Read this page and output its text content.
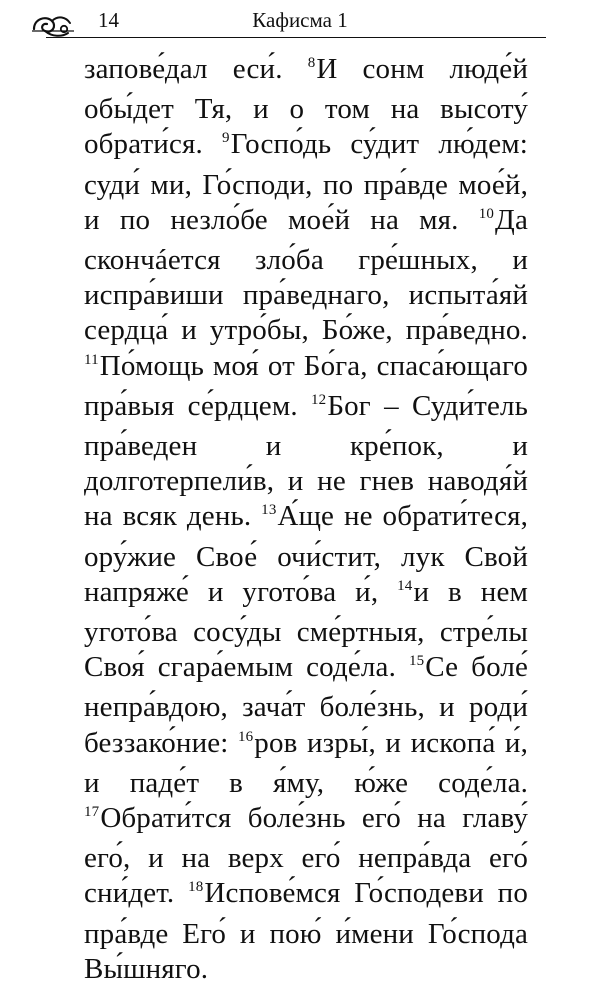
14	Кафисма 1

запове́дал еси́. $^8$И сонм люде́й обы́дет Тя, и о том на высоту́ обрати́ся. $^9$Госпо́дь су́дит лю́дем: суди́ ми, Го́споди, по пра́вде мое́й, и по незло́бе мое́й на мя. $^{10}$Да скончáется зло́ба гре́шных, и испра́виши пра́веднаго, испыта́яй сердца́ и утро́бы, Бо́же, пра́ведно. $^{11}$По́мощь моя́ от Бо́га, спаса́ющаго пра́выя се́рдцем. $^{12}$Бог – Суди́тель пра́веден и кре́пок, и долготерпели́в, и не гнев наводя́й на всяк день. $^{13}$А́ще не обрати́теся, ору́жие Свое́ очи́стит, лук Свой напряже́ и угото́ва и́, $^{14}$и в нем угото́ва сосу́ды сме́ртныя, стре́лы Своя́ сгара́емым соде́ла. $^{15}$Се боле́ непра́вдою, зача́т боле́знь, и роди́ беззако́ние: $^{16}$ров изры́, и ископа́ и́, и паде́т в я́му, ю́же соде́ла. $^{17}$Обрати́тся боле́знь его́ на главу́ его́, и на верх его́ непра́вда его́ сни́дет. $^{18}$Испове́мся Го́сподеви по пра́вде Его́ и пою́ и́мени Го́спода Вы́шняго.
